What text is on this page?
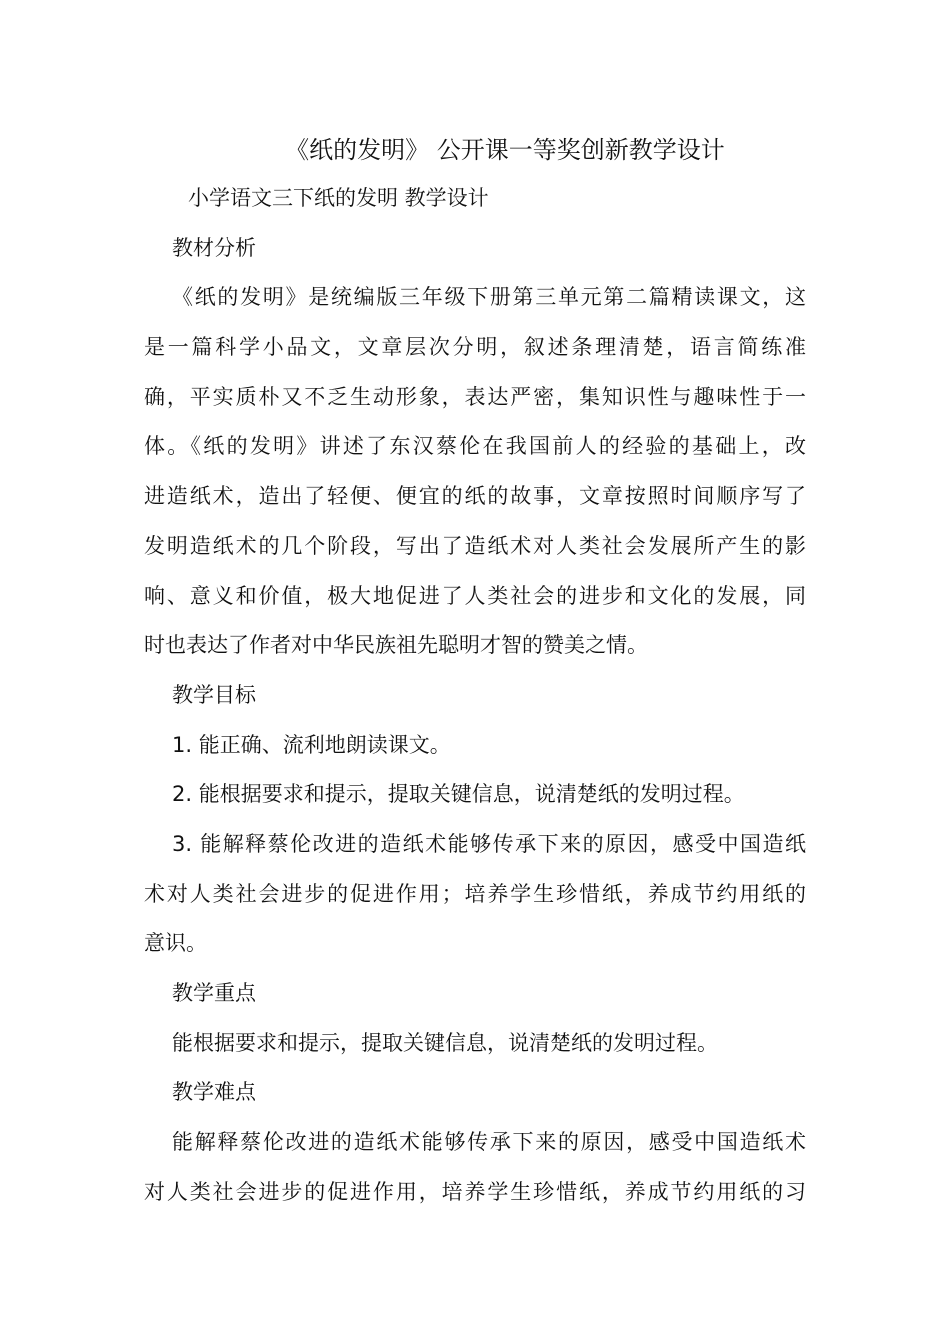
《纸的发明》 公开课一等奖创新教学设计
小学语文三下纸的发明 教学设计
教材分析
《纸的发明》是统编版三年级下册第三单元第二篇精读课文，这
是一篇科学小品文，文章层次分明，叙述条理清楚，语言简练准
确，平实质朴又不乏生动形象，表达严密，集知识性与趣味性于一
体。《纸的发明》讲述了东汉蔡伦在我国前人的经验的基础上，改
进造纸术，造出了轻便、便宜的纸的故事，文章按照时间顺序写了
发明造纸术的几个阶段，写出了造纸术对人类社会发展所产生的影
响、意义和价值，极大地促进了人类社会的进步和文化的发展，同
时也表达了作者对中华民族祖先聪明才智的赞美之情。
教学目标
1. 能正确、流利地朗读课文。
2. 能根据要求和提示，提取关键信息，说清楚纸的发明过程。
3. 能解释蔡伦改进的造纸术能够传承下来的原因，感受中国造纸
术对人类社会进步的促进作用；培养学生珍惜纸，养成节约用纸的
意识。
教学重点
能根据要求和提示，提取关键信息，说清楚纸的发明过程。
教学难点
能解释蔡伦改进的造纸术能够传承下来的原因，感受中国造纸术
对人类社会进步的促进作用，培养学生珍惜纸，养成节约用纸的习
